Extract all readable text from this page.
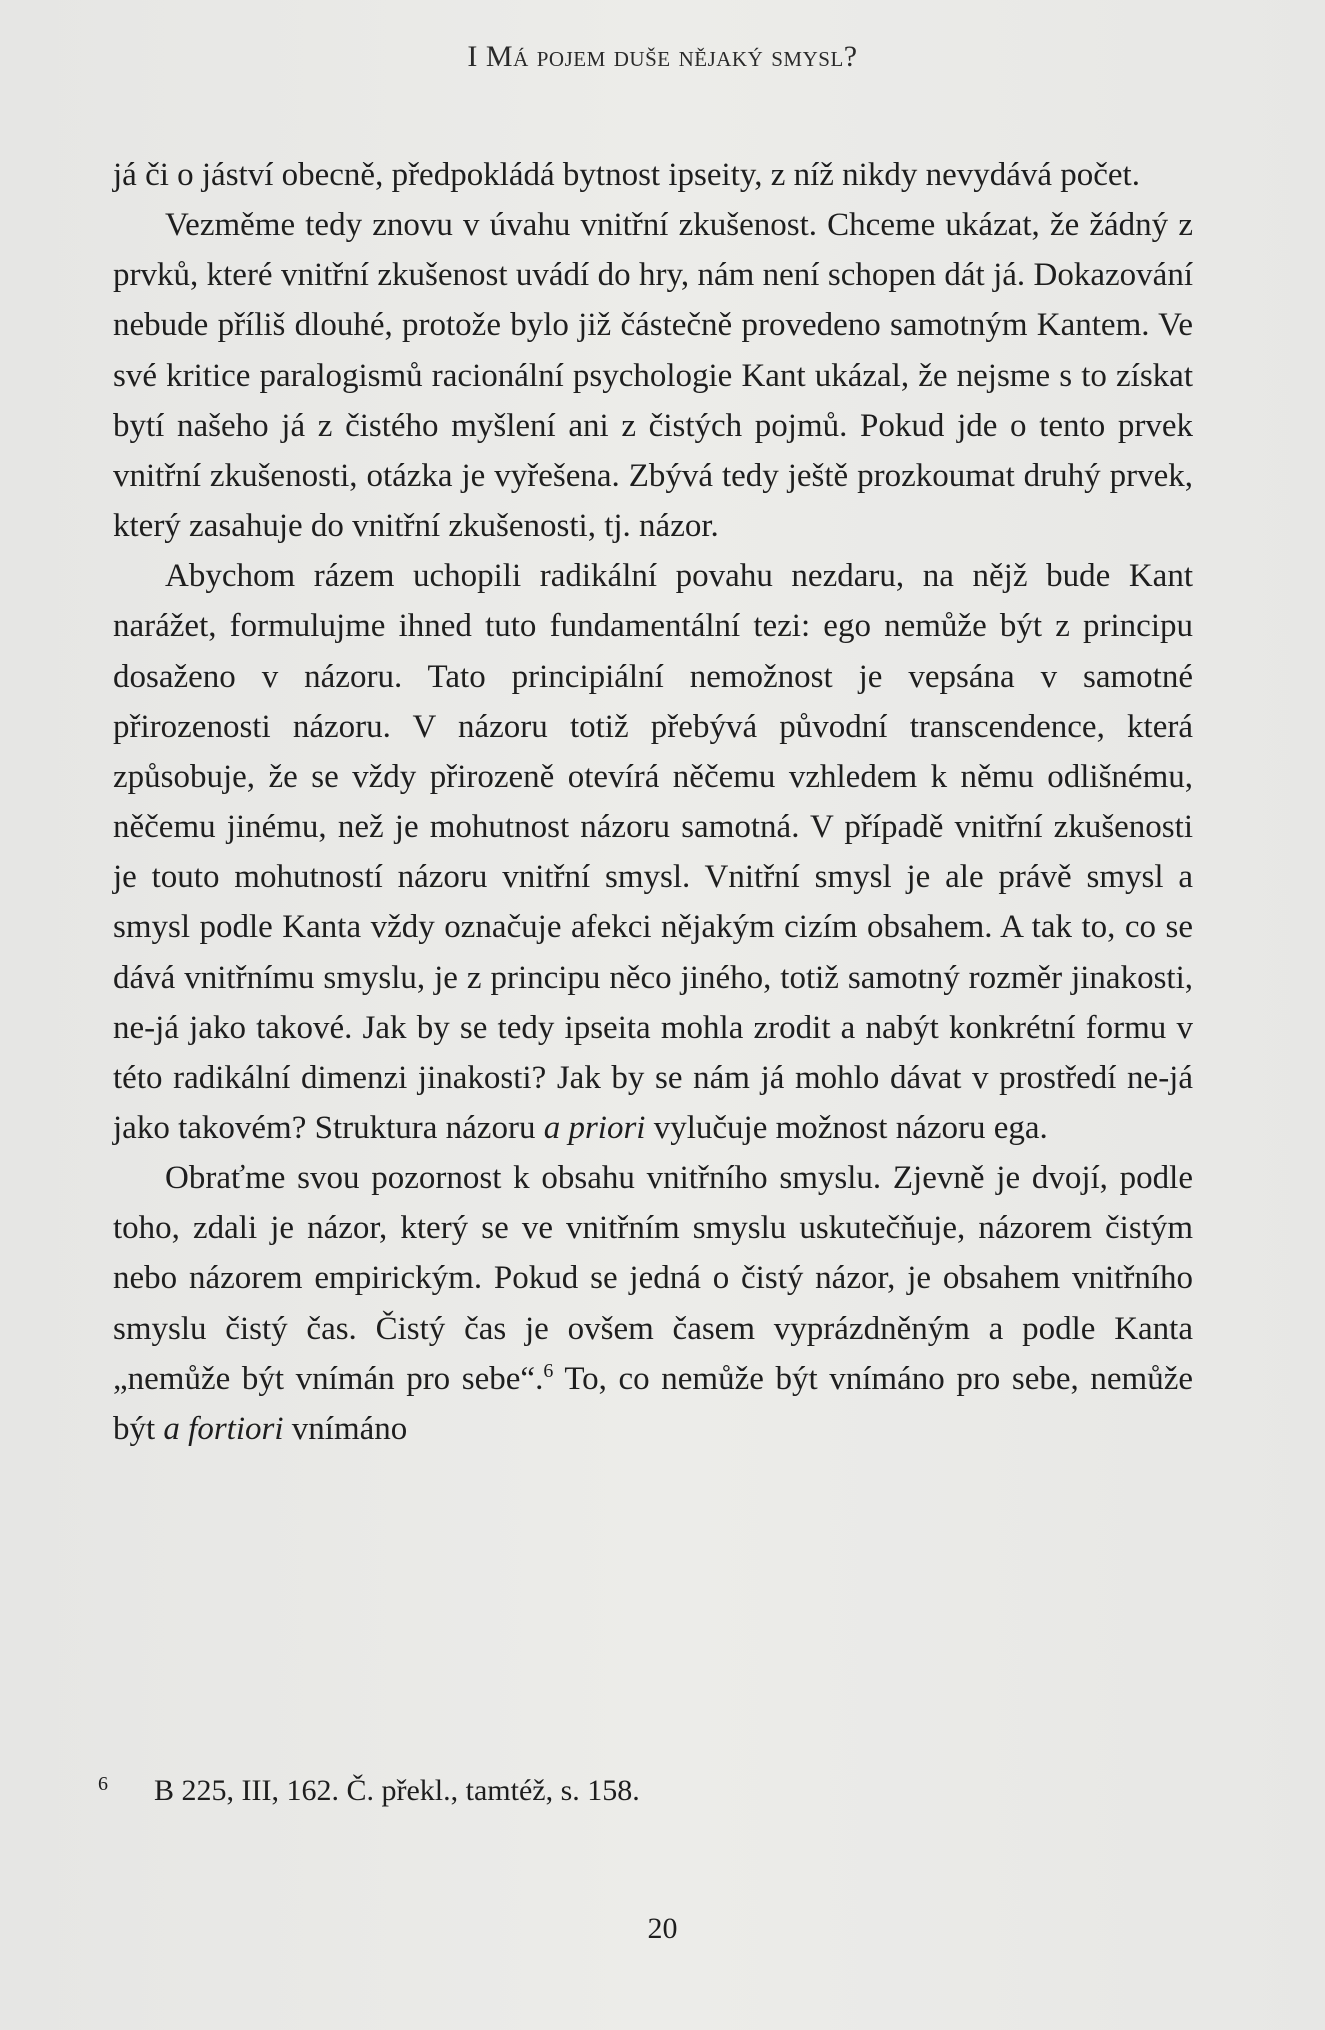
I Má pojem duše nějaký smysl?

já či o jáství obecně, předpokládá bytnost ipseity, z níž nikdy nevydává počet.

Vezměme tedy znovu v úvahu vnitřní zkušenost. Chceme ukázat, že žádný z prvků, které vnitřní zkušenost uvádí do hry, nám není schopen dát já. Dokazování nebude příliš dlouhé, protože bylo již částečně provedeno samotným Kantem. Ve své kritice paralogismů racionální psychologie Kant ukázal, že nejsme s to získat bytí našeho já z čistého myšlení ani z čistých pojmů. Pokud jde o tento prvek vnitřní zkušenosti, otázka je vyřešena. Zbývá tedy ještě prozkoumat druhý prvek, který zasahuje do vnitřní zkušenosti, tj. názor.

Abychom rázem uchopili radikální povahu nezdaru, na nějž bude Kant narážet, formulujme ihned tuto fundamentální tezi: ego nemůže být z principu dosaženo v názoru. Tato principiální nemožnost je vepsána v samotné přirozenosti názoru. V názoru totiž přebývá původní transcendence, která způsobuje, že se vždy přirozeně otevírá něčemu vzhledem k němu odlišnému, něčemu jinému, než je mohutnost názoru samotná. V případě vnitřní zkušenosti je touto mohutností názoru vnitřní smysl. Vnitřní smysl je ale právě smysl a smysl podle Kanta vždy označuje afekci nějakým cizím obsahem. A tak to, co se dává vnitřnímu smyslu, je z principu něco jiného, totiž samotný rozměr jinakosti, ne-já jako takové. Jak by se tedy ipseita mohla zrodit a nabýt konkrétní formu v této radikální dimenzi jinakosti? Jak by se nám já mohlo dávat v prostředí ne-já jako takovém? Struktura názoru a priori vylučuje možnost názoru ega.

Obraťme svou pozornost k obsahu vnitřního smyslu. Zjevně je dvojí, podle toho, zdali je názor, který se ve vnitřním smyslu uskutečňuje, názorem čistým nebo názorem empirickým. Pokud se jedná o čistý názor, je obsahem vnitřního smyslu čistý čas. Čistý čas je ovšem časem vyprázdněným a podle Kanta „nemůže být vnímán pro sebe“.$^6$ To, co nemůže být vnímáno pro sebe, nemůže být a fortiori vnímáno

6 B 225, III, 162. Č. překl., tamtéž, s. 158.
20
